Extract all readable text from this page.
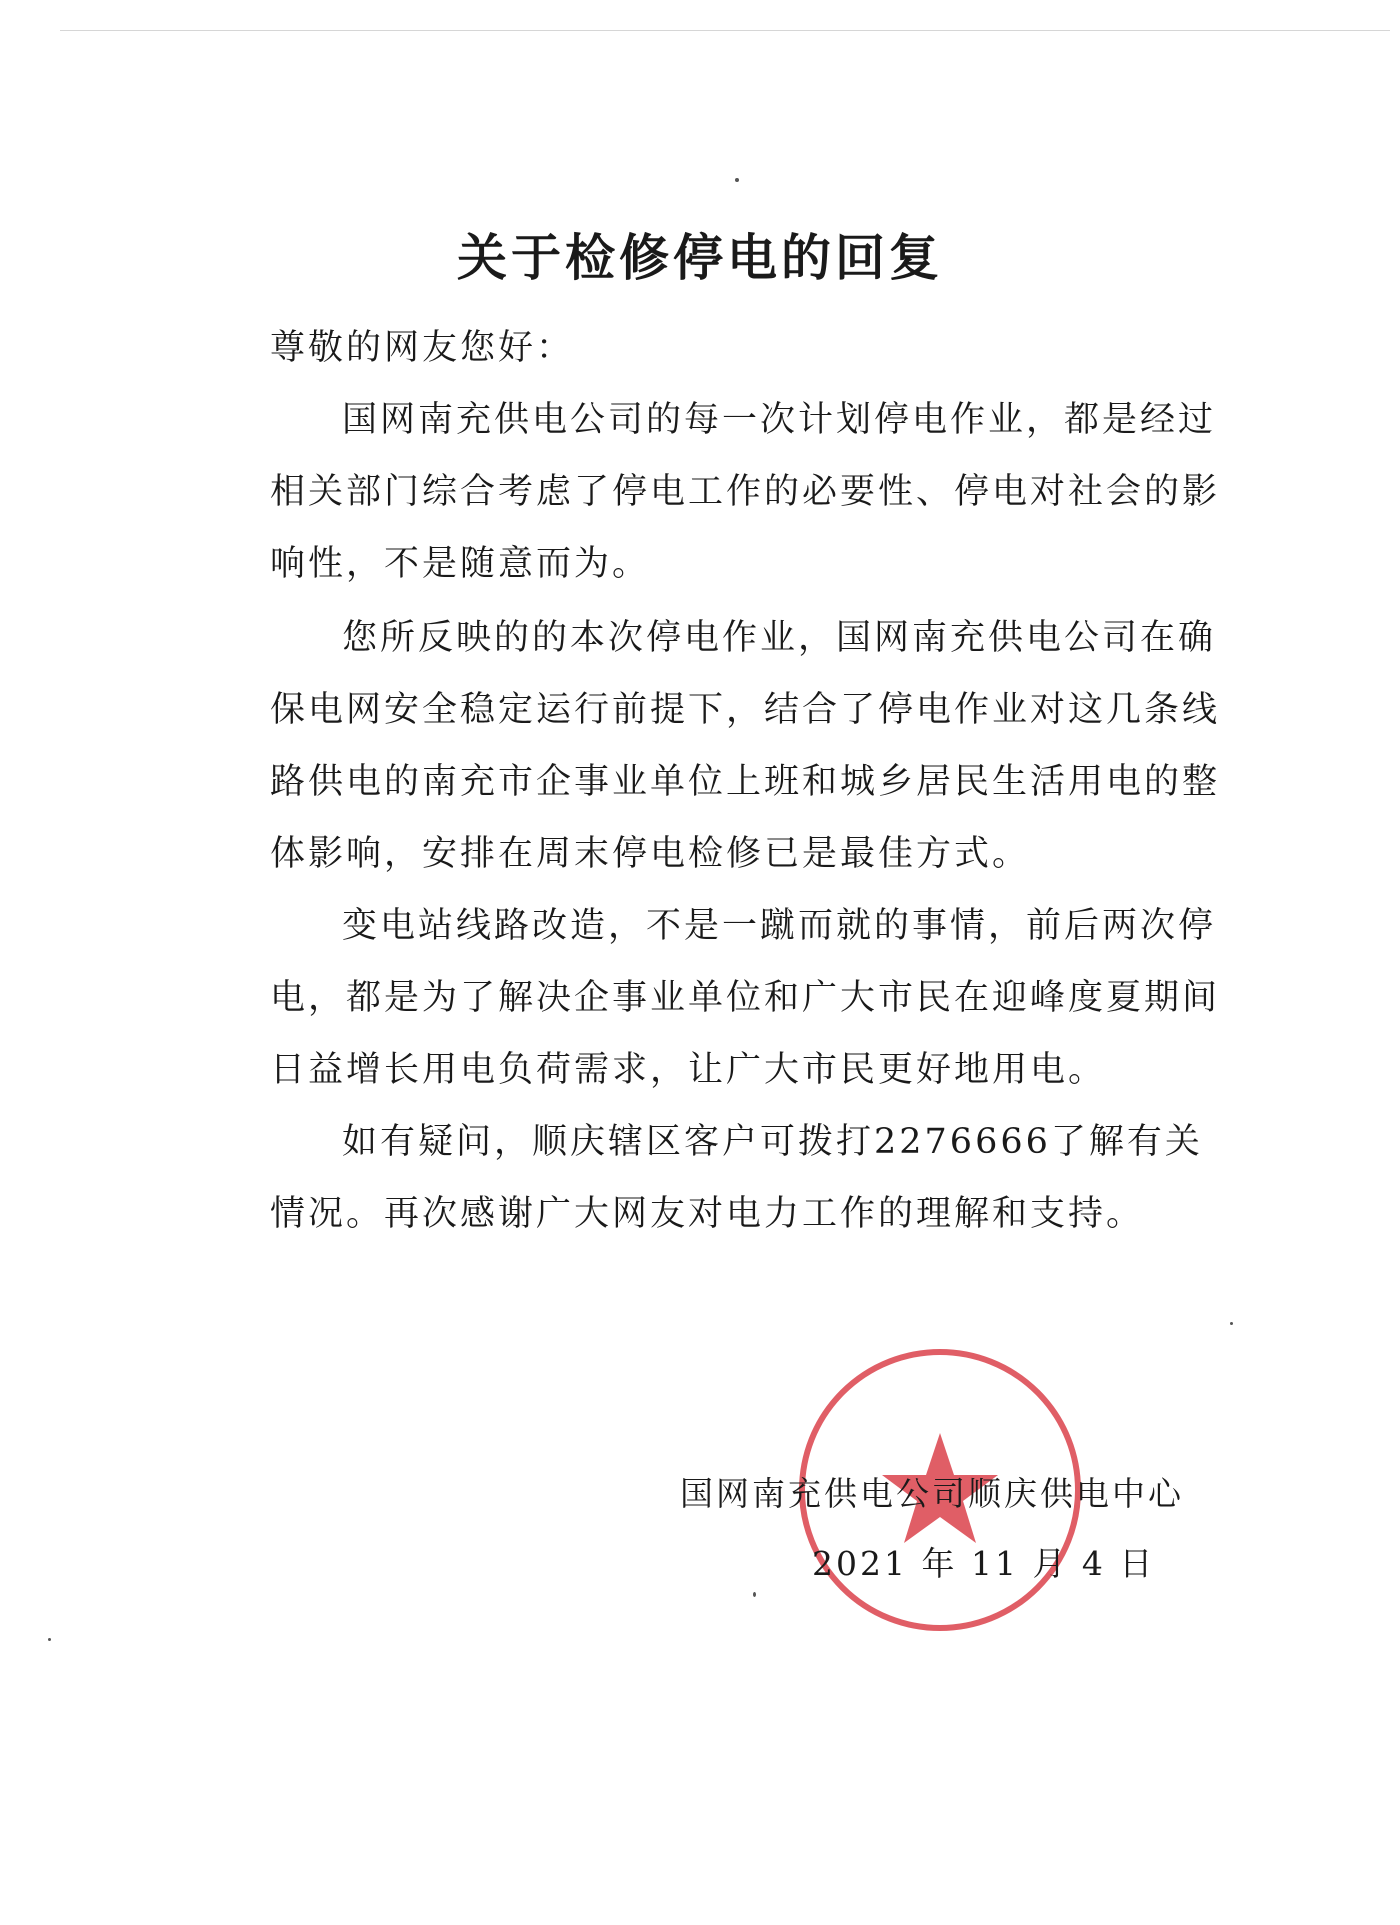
关于检修停电的回复
尊敬的网友您好：
国网南充供电公司的每一次计划停电作业，都是经过相关部门综合考虑了停电工作的必要性、停电对社会的影响性，不是随意而为。
您所反映的的本次停电作业，国网南充供电公司在确保电网安全稳定运行前提下，结合了停电作业对这几条线路供电的南充市企事业单位上班和城乡居民生活用电的整体影响，安排在周末停电检修已是最佳方式。
变电站线路改造，不是一蹴而就的事情，前后两次停电，都是为了解决企事业单位和广大市民在迎峰度夏期间日益增长用电负荷需求，让广大市民更好地用电。
如有疑问，顺庆辖区客户可拨打2276666了解有关情况。再次感谢广大网友对电力工作的理解和支持。
国网南充供电公司顺庆供电中心
2021 年 11 月 4 日
